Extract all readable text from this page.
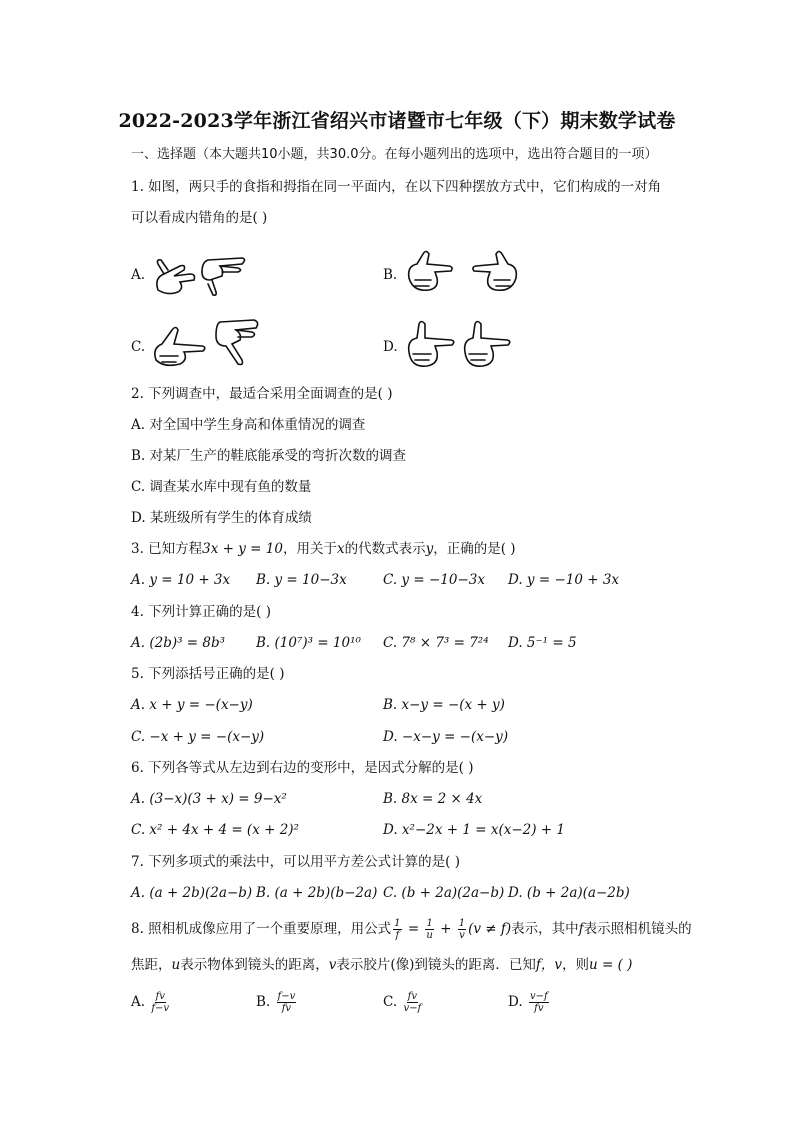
2022-2023学年浙江省绍兴市诸暨市七年级（下）期末数学试卷
一、选择题（本大题共10小题，共30.0分。在每小题列出的选项中，选出符合题目的一项）
1. 如图，两只手的食指和拇指在同一平面内，在以下四种摆放方式中，它们构成的一对角
可以看成内错角的是( )
A.	B.
C.	D.
2. 下列调查中，最适合采用全面调查的是( )
A. 对全国中学生身高和体重情况的调查
B. 对某厂生产的鞋底能承受的弯折次数的调查
C. 调查某水库中现有鱼的数量
D. 某班级所有学生的体育成绩
3. 已知方程3x + y = 10，用关于x的代数式表示y，正确的是( )
A. y = 10 + 3x B. y = 10−3x	C. y = −10−3x D. y = −10 + 3x
4. 下列计算正确的是( )
A. (2b)³ = 8b³ B. (10⁷)³ = 10¹⁰ C. 7⁸ × 7³ = 7²⁴ D. 5⁻¹ = 5
5. 下列添括号正确的是( )
A. x + y = −(x−y)	B. x−y = −(x + y)
C. −x + y = −(x−y)	D. −x−y = −(x−y)
6. 下列各等式从左边到右边的变形中，是因式分解的是( )
A. (3−x)(3 + x) = 9−x²	B. 8x = 2 × 4x
C. x² + 4x + 4 = (x + 2)²	D. x²−2x + 1 = x(x−2) + 1
7. 下列多项式的乘法中，可以用平方差公式计算的是( )
A. (a + 2b)(2a−b) B. (a + 2b)(b−2a) C. (b + 2a)(2a−b) D. (b + 2a)(a−2b)
8. 照相机成像应用了一个重要原理，用公式 $\frac{1}{f} = \frac{1}{u} + \frac{1}{v} (v \ne f)$表示，其中f表示照相机镜头的
焦距，u表示物体到镜头的距离，v表示胶片(像)到镜头的距离．已知f，v，则u = ( )
A. $\frac{fv}{f-v}$	B. $\frac{f-v}{fv}$	C. $\frac{fv}{v-f}$	D. $\frac{v-f}{fv}$
